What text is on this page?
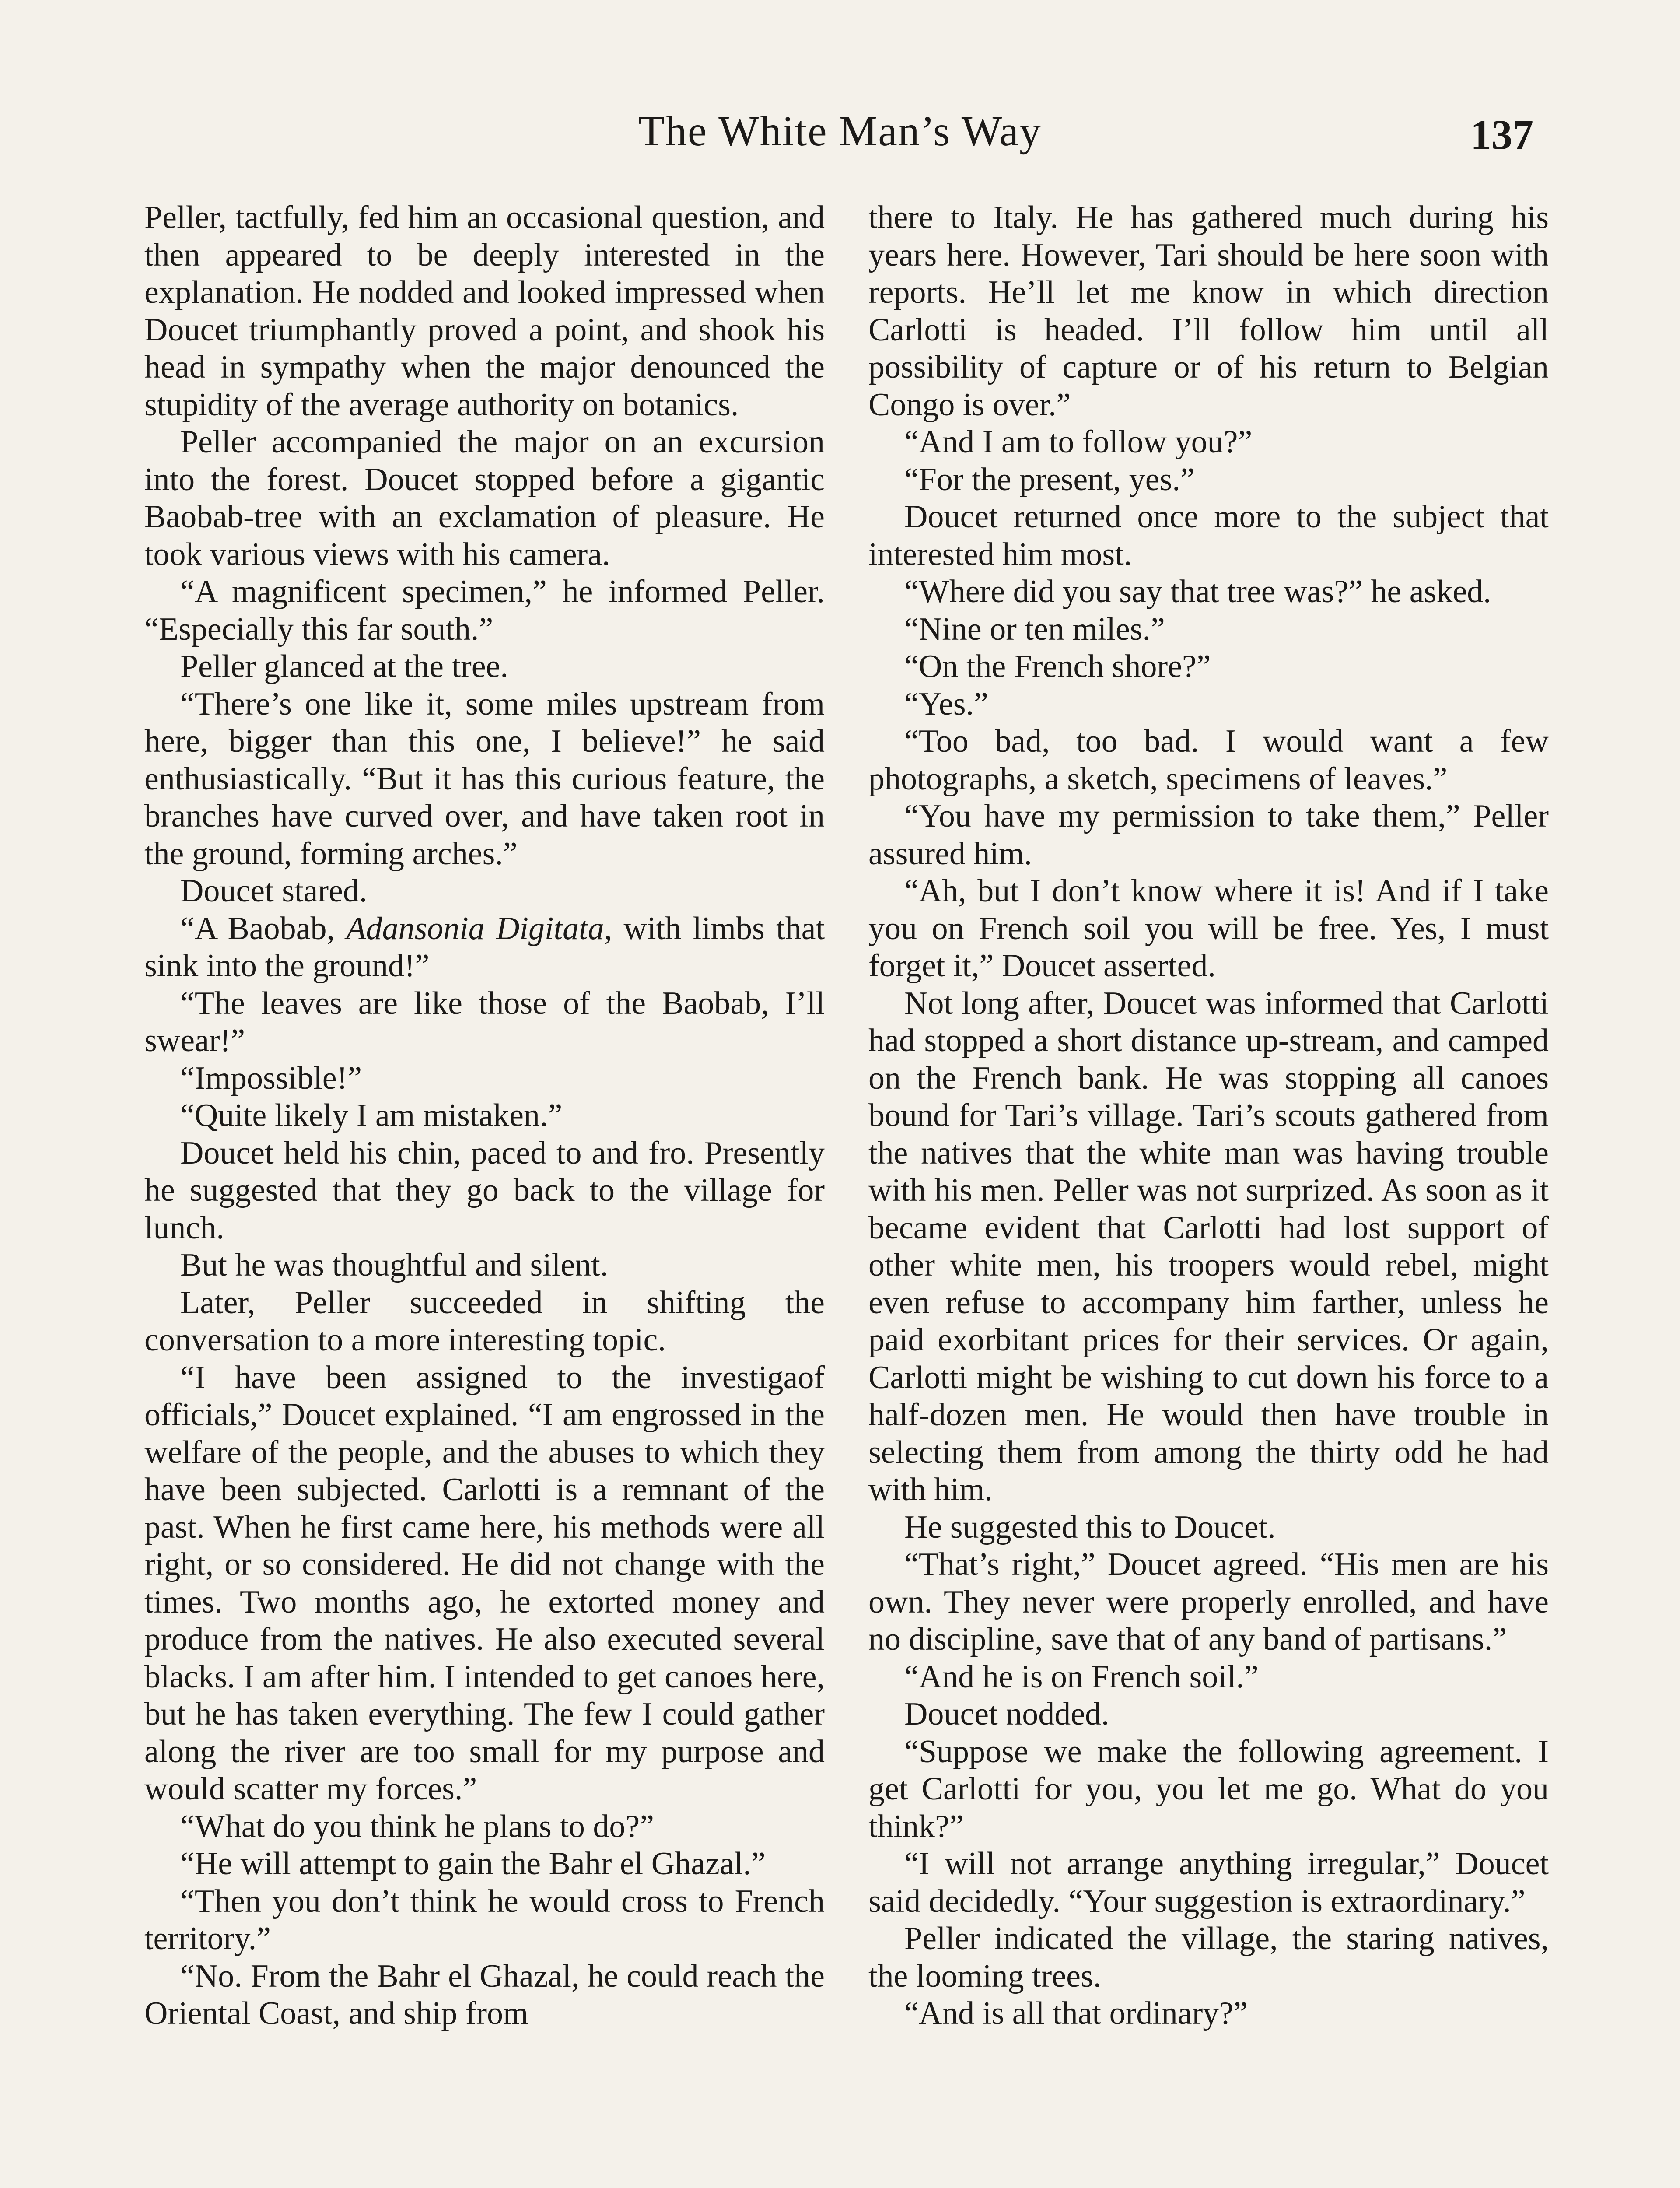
The White Man’s Way	137

Peller, tactfully, fed him an occasional question, and then appeared to be deeply interested in the explanation. He nodded and looked impressed when Doucet triumphantly proved a point, and shook his head in sympathy when the major denounced the stupidity of the average authority on botanics.

Peller accompanied the major on an excursion into the forest. Doucet stopped before a gigantic Baobab-tree with an exclamation of pleasure. He took various views with his camera.

“A magnificent specimen,” he informed Peller. “Especially this far south.”

Peller glanced at the tree.

“There’s one like it, some miles upstream from here, bigger than this one, I believe!” he said enthusiastically. “But it has this curious feature, the branches have curved over, and have taken root in the ground, forming arches.”

Doucet stared.

“A Baobab, Adansonia Digitata, with limbs that sink into the ground!”

“The leaves are like those of the Baobab, I’ll swear!”

“Impossible!”

“Quite likely I am mistaken.”

Doucet held his chin, paced to and fro. Presently he suggested that they go back to the village for lunch.

But he was thoughtful and silent.

Later, Peller succeeded in shifting the conversation to a more interesting topic.

“I have been assigned to the investigaof officials,” Doucet explained. “I am engrossed in the welfare of the people, and the abuses to which they have been subjected. Carlotti is a remnant of the past. When he first came here, his methods were all right, or so considered. He did not change with the times. Two months ago, he extorted money and produce from the natives. He also executed several blacks. I am after him. I intended to get canoes here, but he has taken everything. The few I could gather along the river are too small for my purpose and would scatter my forces.”

“What do you think he plans to do?”

“He will attempt to gain the Bahr el Ghazal.”

“Then you don’t think he would cross to French territory.”

“No. From the Bahr el Ghazal, he could reach the Oriental Coast, and ship from

there to Italy. He has gathered much during his years here. However, Tari should be here soon with reports. He’ll let me know in which direction Carlotti is headed. I’ll follow him until all possibility of capture or of his return to Belgian Congo is over.”

“And I am to follow you?”

“For the present, yes.”

Doucet returned once more to the subject that interested him most.

“Where did you say that tree was?” he asked.

“Nine or ten miles.”

“On the French shore?”

“Yes.”

“Too bad, too bad. I would want a few photographs, a sketch, specimens of leaves.”

“You have my permission to take them,” Peller assured him.

“Ah, but I don’t know where it is! And if I take you on French soil you will be free. Yes, I must forget it,” Doucet asserted.

Not long after, Doucet was informed that Carlotti had stopped a short distance up-stream, and camped on the French bank. He was stopping all canoes bound for Tari’s village. Tari’s scouts gathered from the natives that the white man was having trouble with his men. Peller was not surprized. As soon as it became evident that Carlotti had lost support of other white men, his troopers would rebel, might even refuse to accompany him farther, unless he paid exorbitant prices for their services. Or again, Carlotti might be wishing to cut down his force to a half-dozen men. He would then have trouble in selecting them from among the thirty odd he had with him.

He suggested this to Doucet.

“That’s right,” Doucet agreed. “His men are his own. They never were properly enrolled, and have no discipline, save that of any band of partisans.”

“And he is on French soil.”

Doucet nodded.

“Suppose we make the following agreement. I get Carlotti for you, you let me go. What do you think?”

“I will not arrange anything irregular,” Doucet said decidedly. “Your suggestion is extraordinary.”

Peller indicated the village, the staring natives, the looming trees.

“And is all that ordinary?”
